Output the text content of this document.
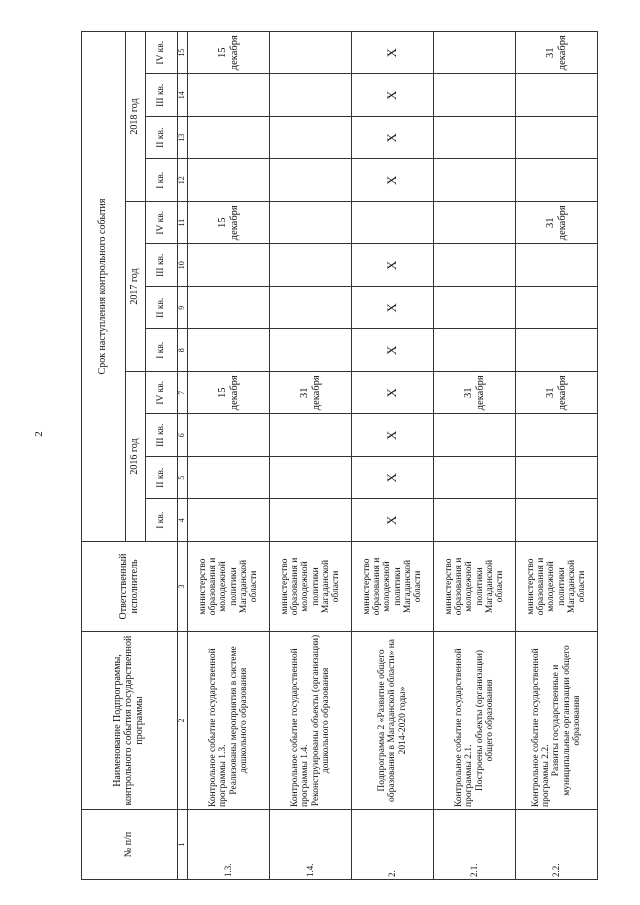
2
№ п/п	Наименование Подпрограммы, контрольного события государственной программы	Ответственный исполнитель	Срок наступления контрольного события											
			2016 год				2017 год				2018 год			
			I кв.	II кв.	III кв.	IV кв.	I кв.	II кв.	III кв.	IV кв.	I кв.	II кв.	III кв.	IV кв.
1	2	3	4	5	6	7	8	9	10	11	12	13	14	15
1.3.	Контрольное событие государственной программы 1.3. Реализованы мероприятия в системе дошкольного образования	министерство образования и молодежной политики Магаданской области				15 декабря				15 декабря				15 декабря
1.4.	Контрольное событие государственной программы 1.4. Реконструированы объекты (организации) дошкольного образования	министерство образования и молодежной политики Магаданской области				31 декабря								
2.	Подпрограмма 2 «Развитие общего образования в Магаданской области» на 2014-2020 годы»	министерство образования и молодежной политики Магаданской области	X	X	X	X	X	X	X		X	X	X	X
2.1.	Контрольное событие государственной программы 2.1. Построены объекты (организации) общего образования	министерство образования и молодежной политики Магаданской области				31 декабря								
2.2.	Контрольное событие государственной программы 2.2. Развиты государственные и муниципальные организации общего образования	министерство образования и молодежной политики Магаданской области				31 декабря				31 декабря				31 декабря
